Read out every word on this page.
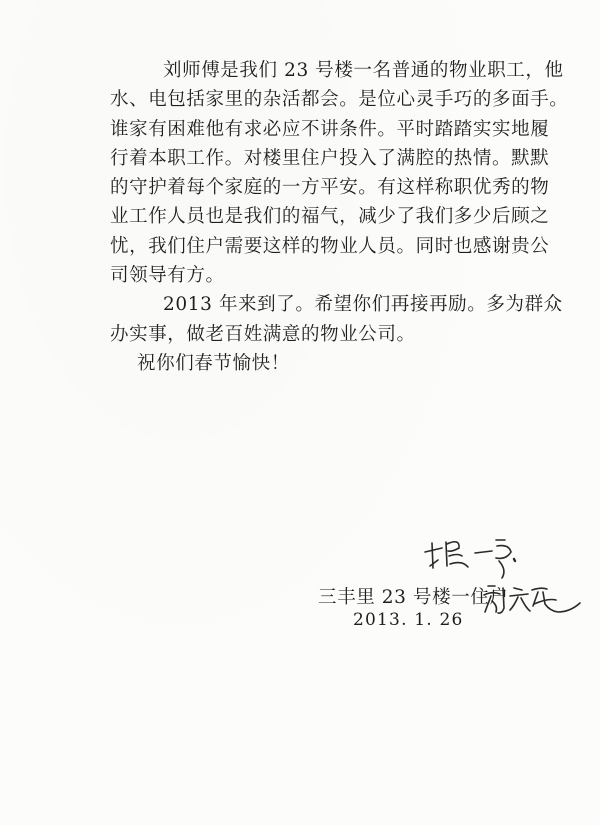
刘师傅是我们 23 号楼一名普通的物业职工，他
水、电包括家里的杂活都会。是位心灵手巧的多面手。
谁家有困难他有求必应不讲条件。平时踏踏实实地履
行着本职工作。对楼里住户投入了满腔的热情。默默
的守护着每个家庭的一方平安。有这样称职优秀的物
业工作人员也是我们的福气，减少了我们多少后顾之
忧，我们住户需要这样的物业人员。同时也感谢贵公
司领导有方。
2013 年来到了。希望你们再接再励。多为群众
办实事，做老百姓满意的物业公司。
祝你们春节愉快！
三丰里 23 号楼一住户
2013. 1. 26
